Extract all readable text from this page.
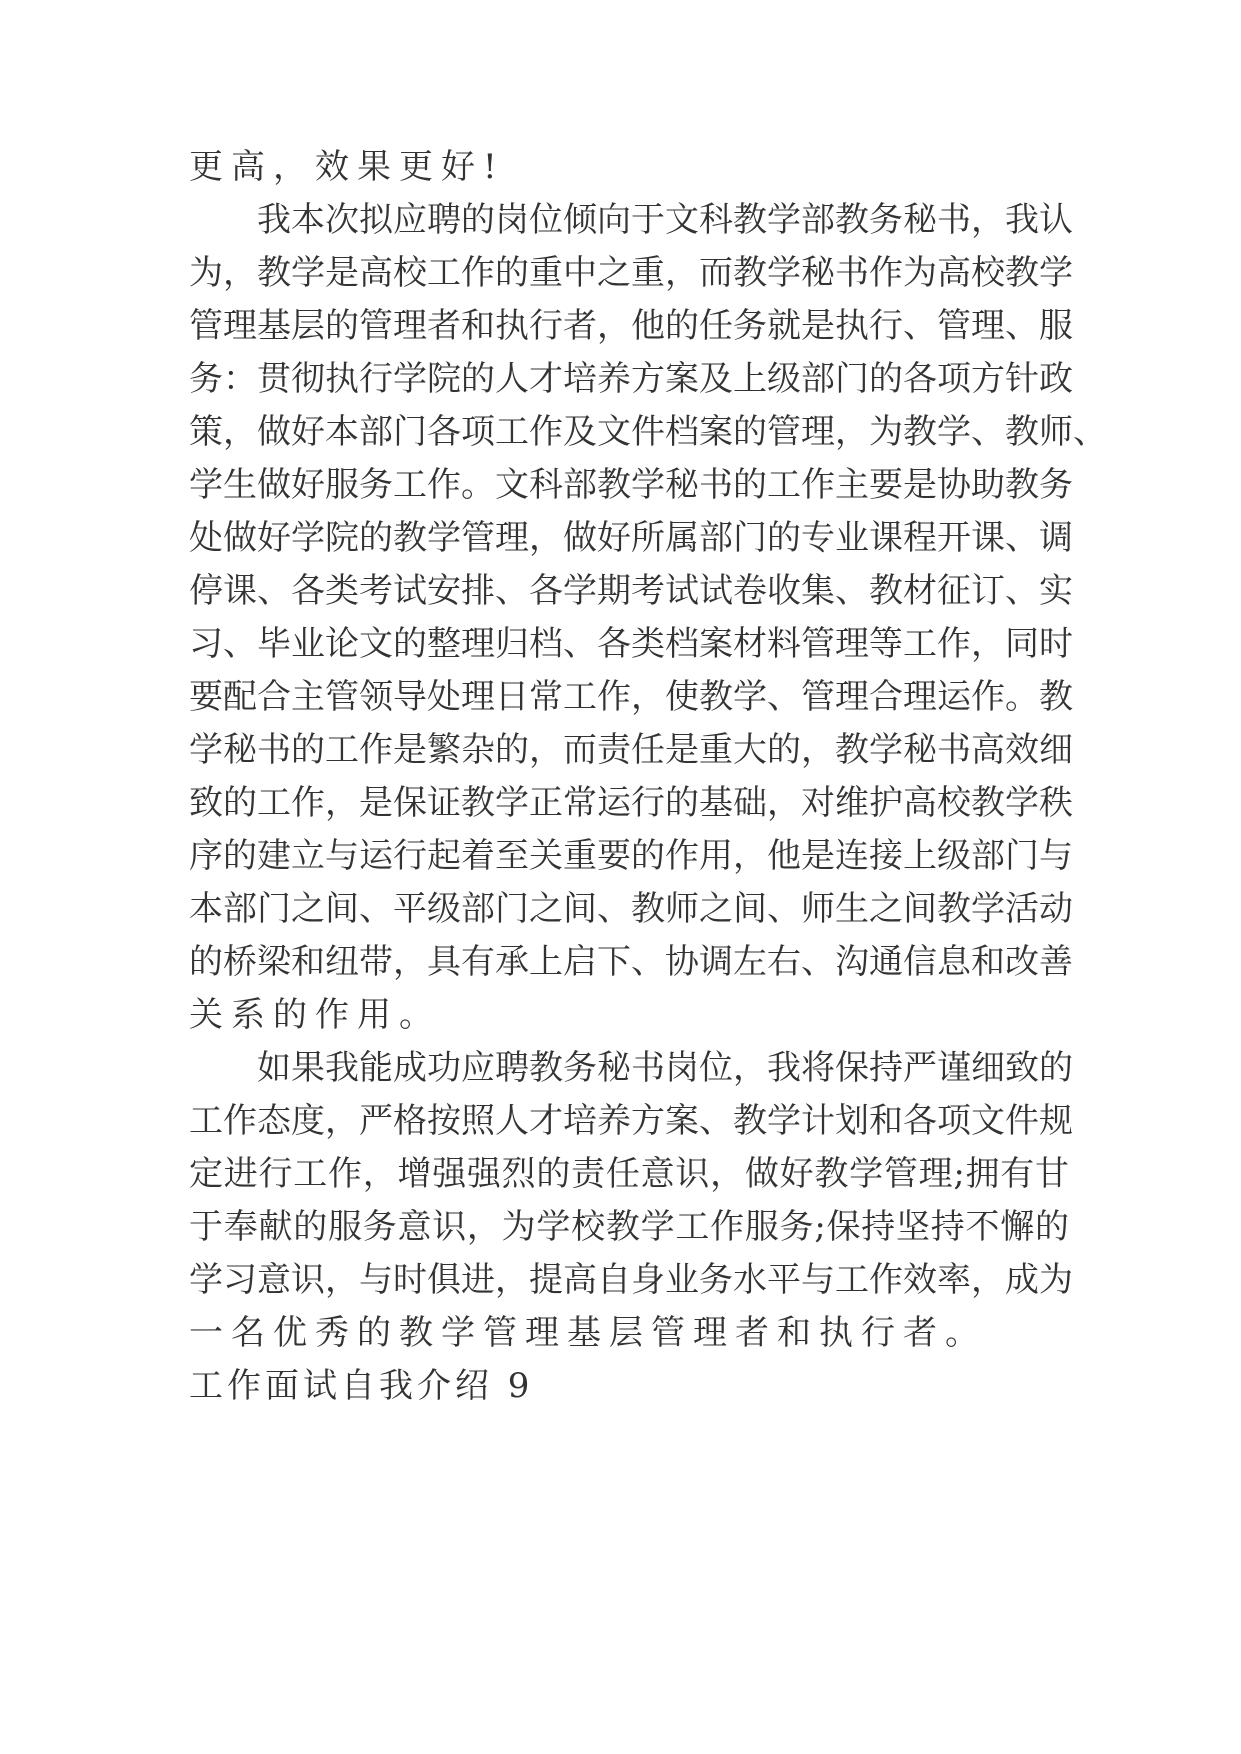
更高，效果更好!
我本次拟应聘的岗位倾向于文科教学部教务秘书，我认
为，教学是高校工作的重中之重，而教学秘书作为高校教学
管理基层的管理者和执行者，他的任务就是执行、管理、服
务：贯彻执行学院的人才培养方案及上级部门的各项方针政
策，做好本部门各项工作及文件档案的管理，为教学、教师、
学生做好服务工作。文科部教学秘书的工作主要是协助教务
处做好学院的教学管理，做好所属部门的专业课程开课、调
停课、各类考试安排、各学期考试试卷收集、教材征订、实
习、毕业论文的整理归档、各类档案材料管理等工作，同时
要配合主管领导处理日常工作，使教学、管理合理运作。教
学秘书的工作是繁杂的，而责任是重大的，教学秘书高效细
致的工作，是保证教学正常运行的基础，对维护高校教学秩
序的建立与运行起着至关重要的作用，他是连接上级部门与
本部门之间、平级部门之间、教师之间、师生之间教学活动
的桥梁和纽带，具有承上启下、协调左右、沟通信息和改善
关系的作用。
如果我能成功应聘教务秘书岗位，我将保持严谨细致的
工作态度，严格按照人才培养方案、教学计划和各项文件规
定进行工作，增强强烈的责任意识，做好教学管理;拥有甘
于奉献的服务意识，为学校教学工作服务;保持坚持不懈的
学习意识，与时俱进，提高自身业务水平与工作效率，成为
一名优秀的教学管理基层管理者和执行者。
工作面试自我介绍 9
